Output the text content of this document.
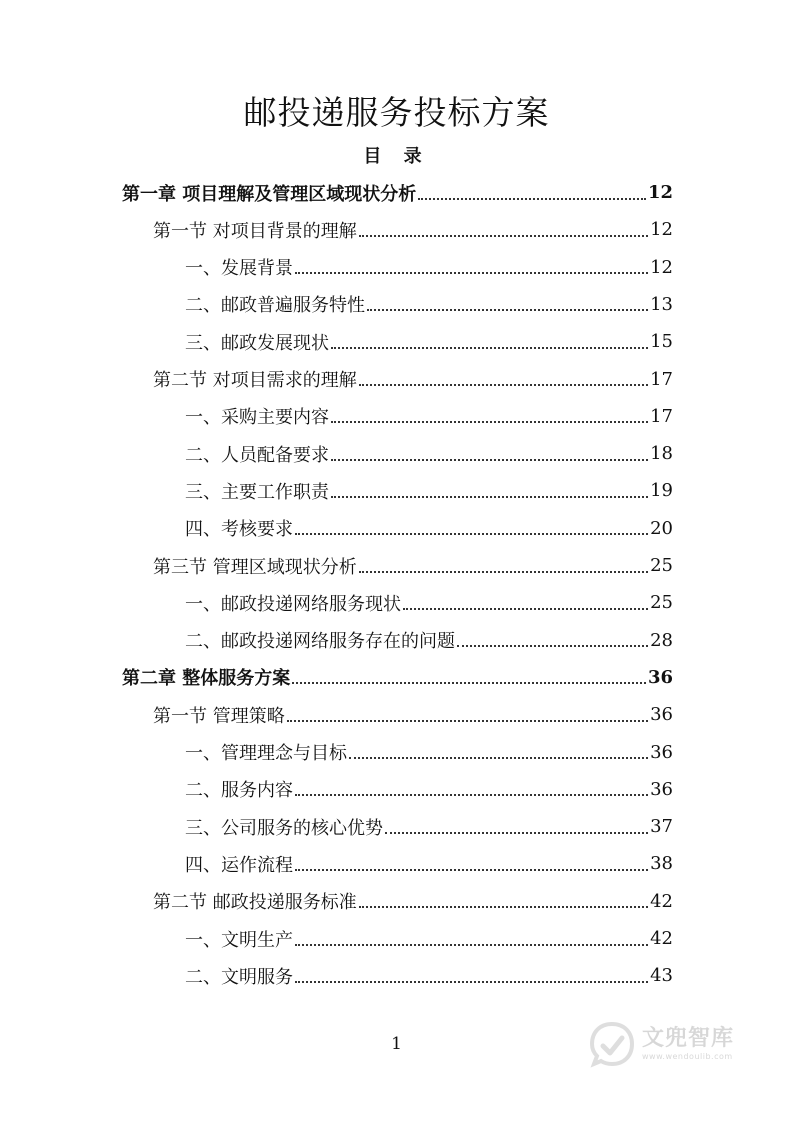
邮投递服务投标方案
目 录
第一章 项目理解及管理区域现状分析	12
第一节 对项目背景的理解	12
一、发展背景	12
二、邮政普遍服务特性	13
三、邮政发展现状	15
第二节 对项目需求的理解	17
一、采购主要内容	17
二、人员配备要求	18
三、主要工作职责	19
四、考核要求	20
第三节 管理区域现状分析	25
一、邮政投递网络服务现状	25
二、邮政投递网络服务存在的问题	28
第二章 整体服务方案	36
第一节 管理策略	36
一、管理理念与目标	36
二、服务内容	36
三、公司服务的核心优势	37
四、运作流程	38
第二节 邮政投递服务标准	42
一、文明生产	42
二、文明服务	43
1	文兜智库
www.wendoulib.com
